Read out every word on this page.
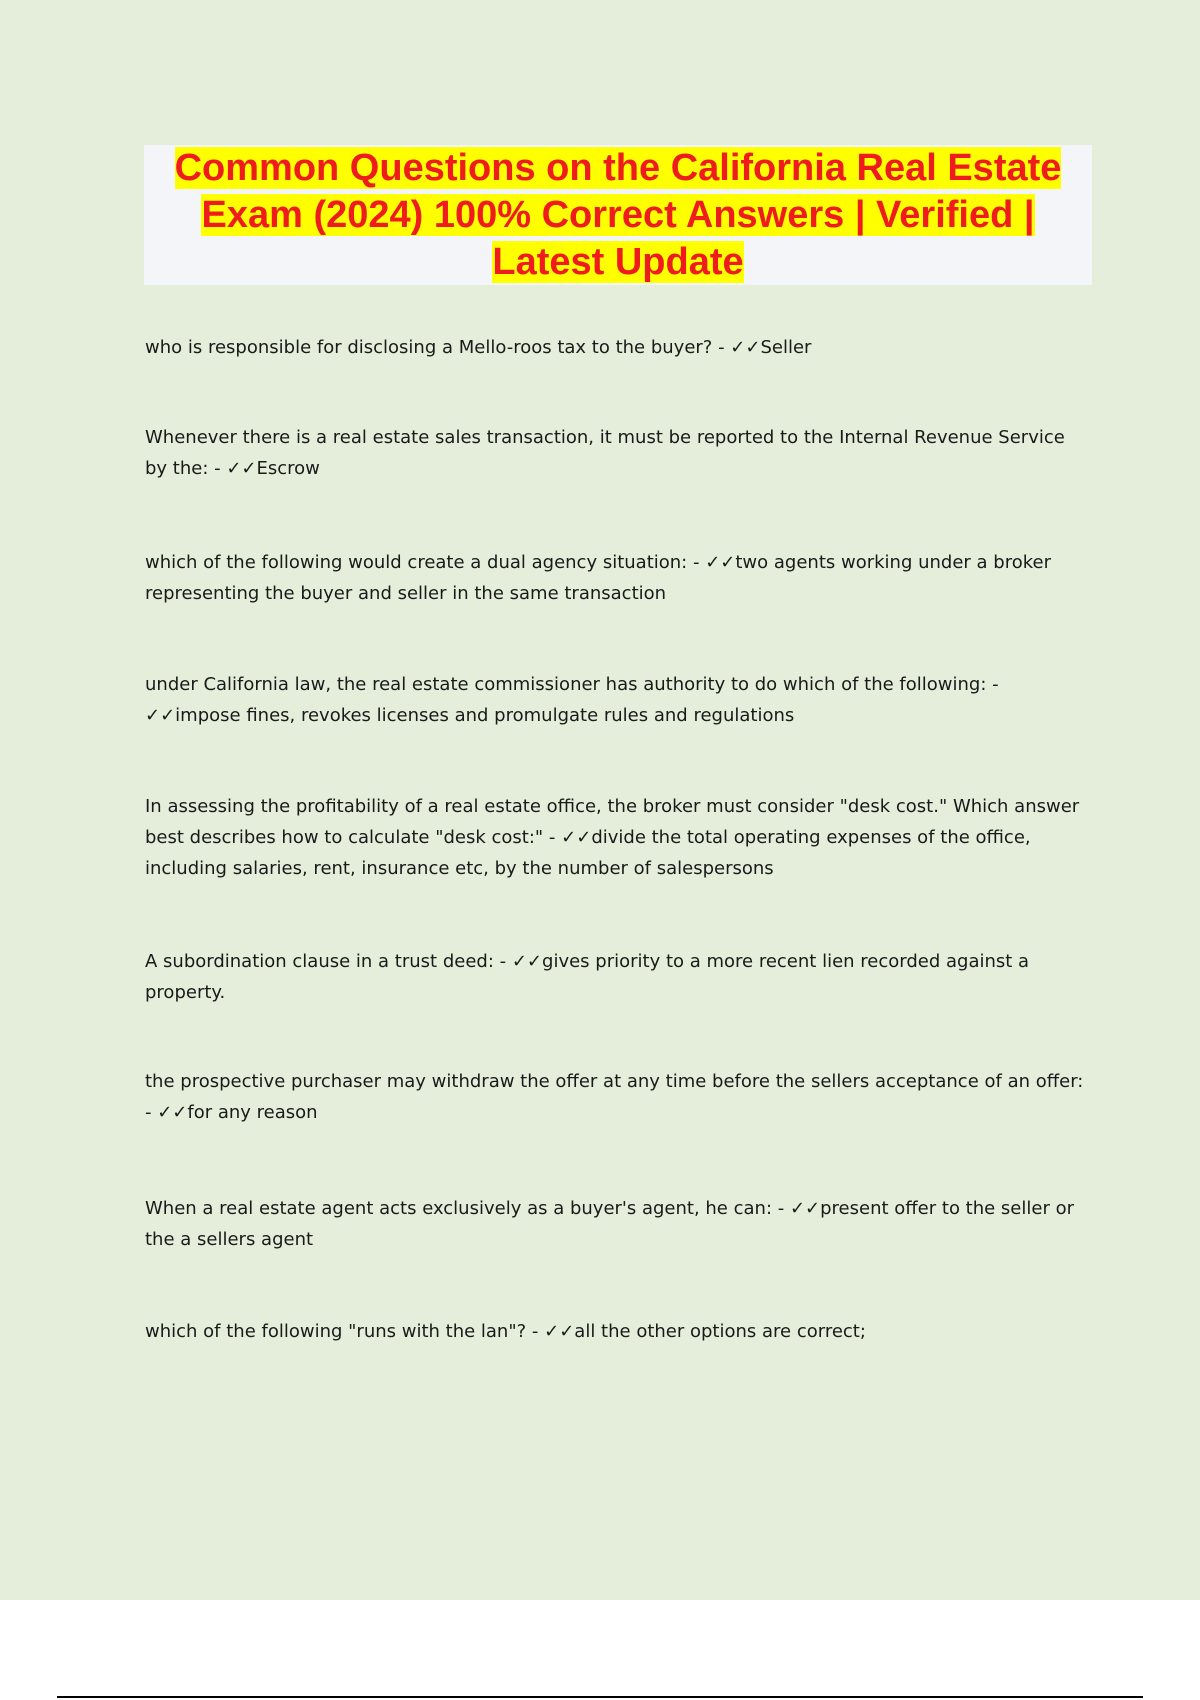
Common Questions on the California Real Estate Exam (2024) 100% Correct Answers | Verified | Latest Update

who is responsible for disclosing a Mello-roos tax to the buyer? - ✓✓Seller

Whenever there is a real estate sales transaction, it must be reported to the Internal Revenue Service by the: - ✓✓Escrow

which of the following would create a dual agency situation: - ✓✓two agents working under a broker representing the buyer and seller in the same transaction

under California law, the real estate commissioner has authority to do which of the following: - ✓✓impose fines, revokes licenses and promulgate rules and regulations

In assessing the profitability of a real estate office, the broker must consider "desk cost." Which answer best describes how to calculate "desk cost:" - ✓✓divide the total operating expenses of the office, including salaries, rent, insurance etc, by the number of salespersons

A subordination clause in a trust deed: - ✓✓gives priority to a more recent lien recorded against a property.

the prospective purchaser may withdraw the offer at any time before the sellers acceptance of an offer: - ✓✓for any reason

When a real estate agent acts exclusively as a buyer's agent, he can: - ✓✓present offer to the seller or the a sellers agent

which of the following "runs with the lan"? - ✓✓all the other options are correct;
